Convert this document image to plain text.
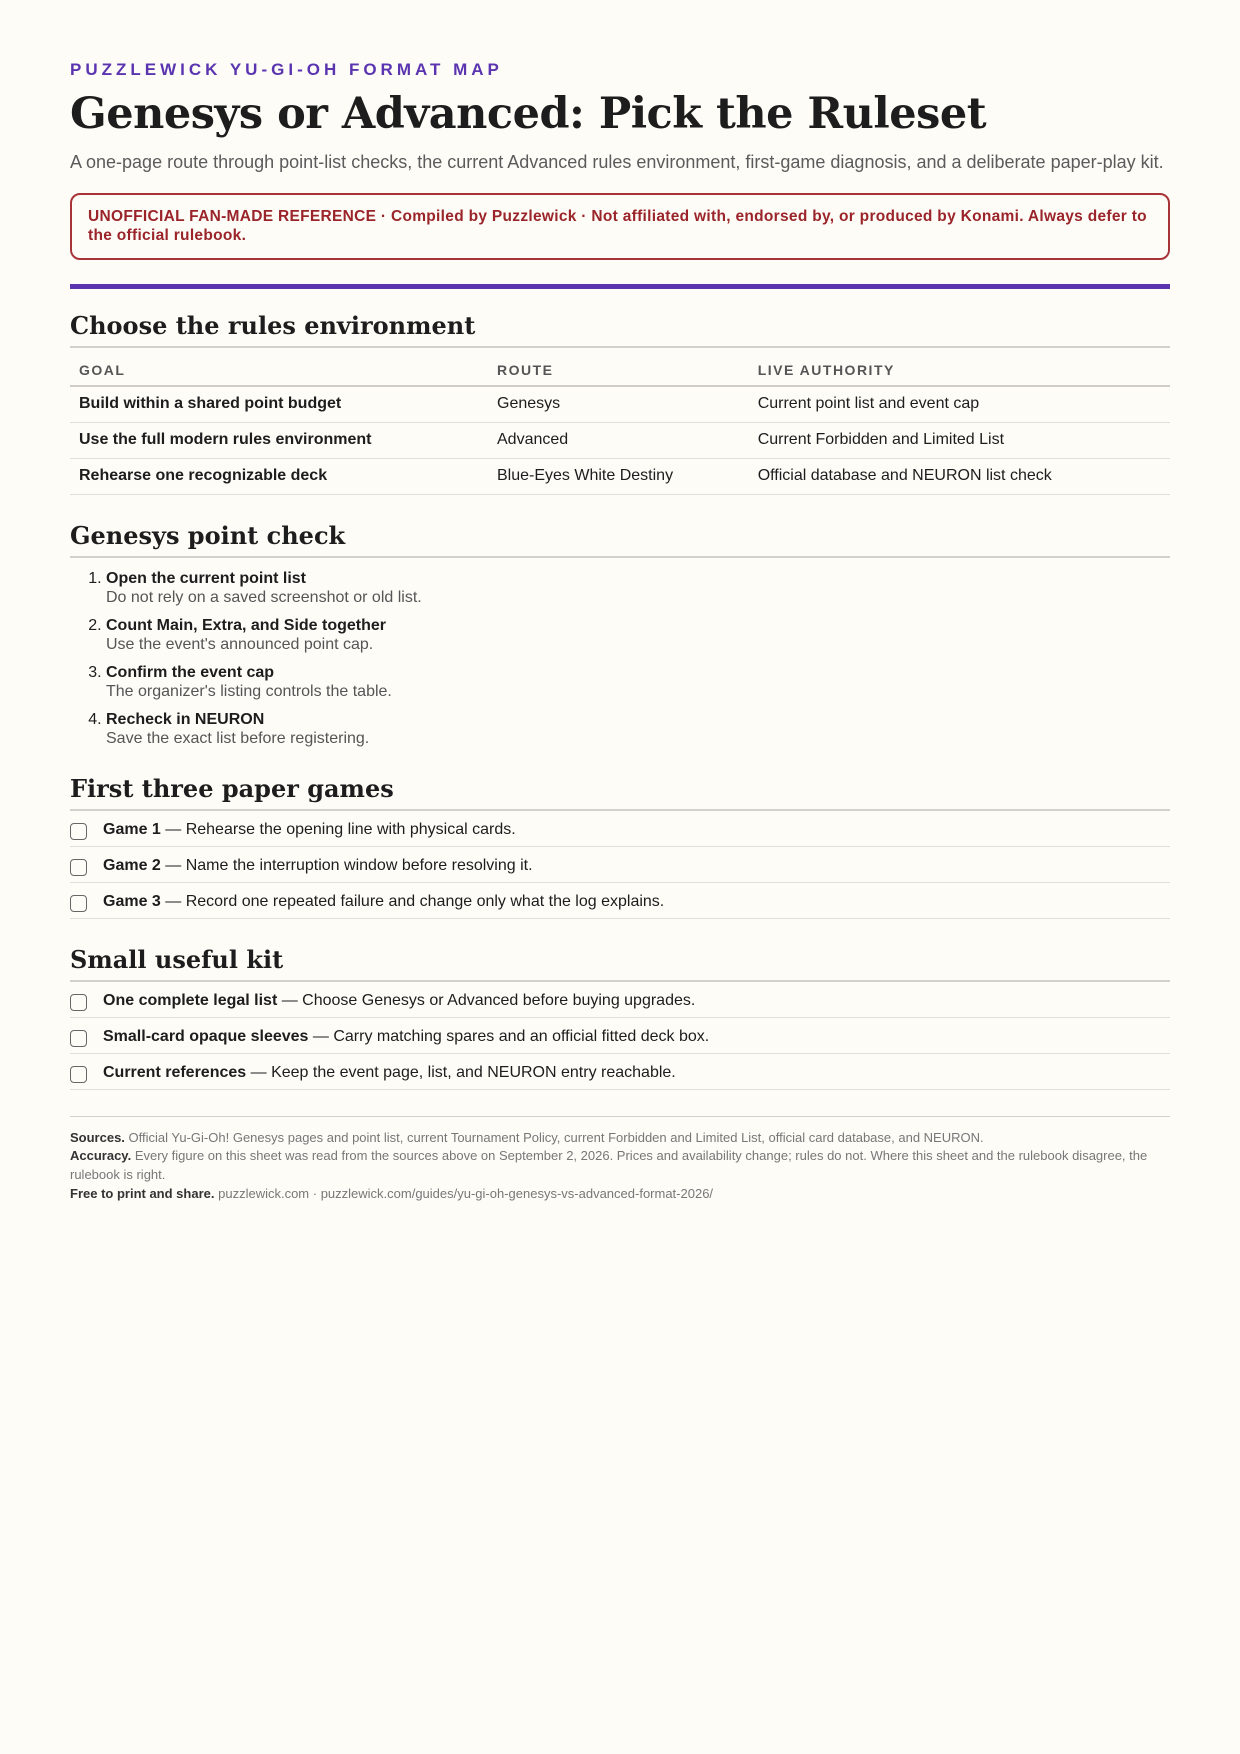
PUZZLEWICK YU-GI-OH FORMAT MAP
Genesys or Advanced: Pick the Ruleset
A one-page route through point-list checks, the current Advanced rules environment, first-game diagnosis, and a deliberate paper-play kit.
UNOFFICIAL FAN-MADE REFERENCE · Compiled by Puzzlewick · Not affiliated with, endorsed by, or produced by Konami. Always defer to the official rulebook.
Choose the rules environment
GOAL	ROUTE	LIVE AUTHORITY
Build within a shared point budget	Genesys	Current point list and event cap
Use the full modern rules environment	Advanced	Current Forbidden and Limited List
Rehearse one recognizable deck	Blue-Eyes White Destiny	Official database and NEURON list check
Genesys point check
1. Open the current point list
Do not rely on a saved screenshot or old list.
2. Count Main, Extra, and Side together
Use the event's announced point cap.
3. Confirm the event cap
The organizer's listing controls the table.
4. Recheck in NEURON
Save the exact list before registering.
First three paper games
Game 1 — Rehearse the opening line with physical cards.
Game 2 — Name the interruption window before resolving it.
Game 3 — Record one repeated failure and change only what the log explains.
Small useful kit
One complete legal list — Choose Genesys or Advanced before buying upgrades.
Small-card opaque sleeves — Carry matching spares and an official fitted deck box.
Current references — Keep the event page, list, and NEURON entry reachable.
Sources. Official Yu-Gi-Oh! Genesys pages and point list, current Tournament Policy, current Forbidden and Limited List, official card database, and NEURON.
Accuracy. Every figure on this sheet was read from the sources above on September 2, 2026. Prices and availability change; rules do not. Where this sheet and the rulebook disagree, the rulebook is right.
Free to print and share. puzzlewick.com · puzzlewick.com/guides/yu-gi-oh-genesys-vs-advanced-format-2026/
